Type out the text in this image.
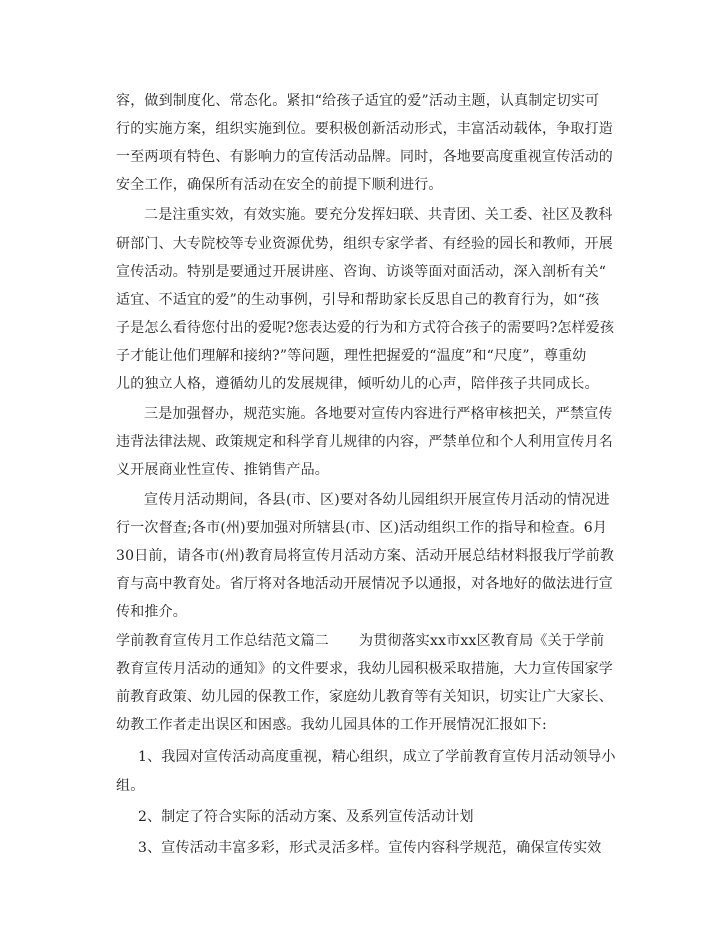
容，做到制度化、常态化。紧扣“给孩子适宜的爱”活动主题，认真制定切实可
行的实施方案，组织实施到位。要积极创新活动形式，丰富活动载体，争取打造
一至两项有特色、有影响力的宣传活动品牌。同时，各地要高度重视宣传活动的
安全工作，确保所有活动在安全的前提下顺利进行。
二是注重实效，有效实施。要充分发挥妇联、共青团、关工委、社区及教科
研部门、大专院校等专业资源优势，组织专家学者、有经验的园长和教师，开展
宣传活动。特别是要通过开展讲座、咨询、访谈等面对面活动，深入剖析有关“
适宜、不适宜的爱”的生动事例，引导和帮助家长反思自己的教育行为，如“孩
子是怎么看待您付出的爱呢?您表达爱的行为和方式符合孩子的需要吗?怎样爱孩
子才能让他们理解和接纳?”等问题，理性把握爱的“温度”和“尺度”，尊重幼
儿的独立人格，遵循幼儿的发展规律，倾听幼儿的心声，陪伴孩子共同成长。
三是加强督办，规范实施。各地要对宣传内容进行严格审核把关，严禁宣传
违背法律法规、政策规定和科学育儿规律的内容，严禁单位和个人利用宣传月名
义开展商业性宣传、推销售产品。
宣传月活动期间，各县(市、区)要对各幼儿园组织开展宣传月活动的情况进
行一次督查;各市(州)要加强对所辖县(市、区)活动组织工作的指导和检查。6月
30日前，请各市(州)教育局将宣传月活动方案、活动开展总结材料报我厅学前教
育与高中教育处。省厅将对各地活动开展情况予以通报，对各地好的做法进行宣
传和推介。
学前教育宣传月工作总结范文篇二 为贯彻落实xx市xx区教育局《关于学前
教育宣传月活动的通知》的文件要求，我幼儿园积极采取措施，大力宣传国家学
前教育政策、幼儿园的保教工作，家庭幼儿教育等有关知识，切实让广大家长、
幼教工作者走出误区和困惑。我幼儿园具体的工作开展情况汇报如下:
1、我园对宣传活动高度重视，精心组织，成立了学前教育宣传月活动领导小
组。
2、制定了符合实际的活动方案、及系列宣传活动计划
3、宣传活动丰富多彩，形式灵活多样。宣传内容科学规范，确保宣传实效
